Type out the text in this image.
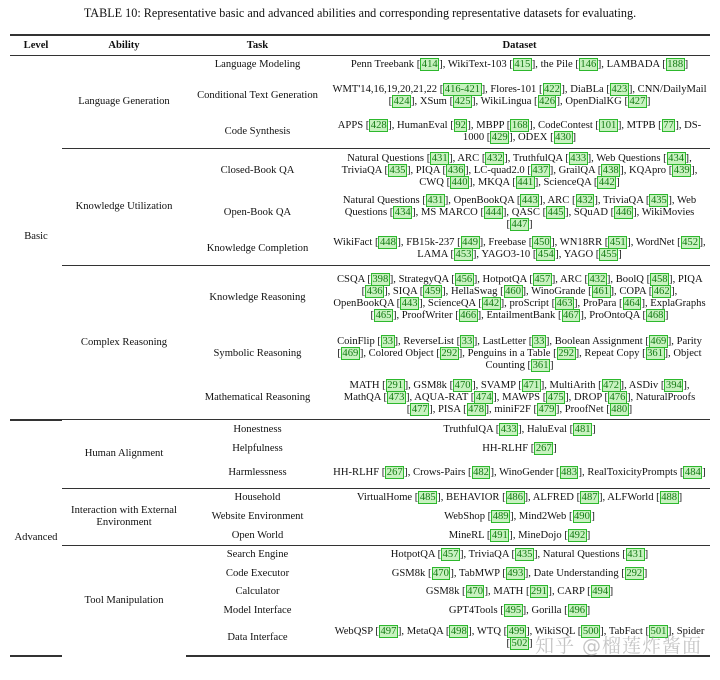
TABLE 10: Representative basic and advanced abilities and corresponding representative datasets for evaluating.
Level	Ability	Task	Dataset
Basic	Language Generation	Language Modeling	Penn Treebank [ 414 ], WikiText-103 [ 415 ], the Pile [ 146 ], LAMBADA [ 188 ]
		Conditional Text Generation	WMT'14,16,19,20,21,22 [ 416-421 ], Flores-101 [ 422 ], DiaBLa [ 423 ], CNN/DailyMail [ 424 ], XSum [ 425 ], WikiLingua [ 426 ], OpenDialKG [ 427 ]
		Code Synthesis	APPS [ 428 ], HumanEval [ 92 ], MBPP [ 168 ], CodeContest [ 101 ], MTPB [ 77 ], DS-1000 [ 429 ], ODEX [ 430 ]
	Knowledge Utilization	Closed-Book QA	Natural Questions [ 431 ], ARC [ 432 ], TruthfulQA [ 433 ], Web Questions [ 434 ], TriviaQA [ 435 ], PIQA [ 436 ], LC-quad2.0 [ 437 ], GrailQA [ 438 ], KQApro [ 439 ], CWQ [ 440 ], MKQA [ 441 ], ScienceQA [ 442 ]
		Open-Book QA	Natural Questions [ 431 ], OpenBookQA [ 443 ], ARC [ 432 ], TriviaQA [ 435 ], Web Questions [ 434 ], MS MARCO [ 444 ], QASC [ 445 ], SQuAD [ 446 ], WikiMovies [ 447 ]
		Knowledge Completion	WikiFact [ 448 ], FB15k-237 [ 449 ], Freebase [ 450 ], WN18RR [ 451 ], WordNet [ 452 ], LAMA [ 453 ], YAGO3-10 [ 454 ], YAGO [ 455 ]
	Complex Reasoning	Knowledge Reasoning	CSQA [ 398 ], StrategyQA [ 456 ], HotpotQA [ 457 ], ARC [ 432 ], BoolQ [ 458 ], PIQA [ 436 ], SIQA [ 459 ], HellaSwag [ 460 ], WinoGrande [ 461 ], COPA [ 462 ], OpenBookQA [ 443 ], ScienceQA [ 442 ], proScript [ 463 ], ProPara [ 464 ], ExplaGraphs [ 465 ], ProofWriter [ 466 ], EntailmentBank [ 467 ], ProOntoQA [ 468 ]
		Symbolic Reasoning	CoinFlip [ 33 ], ReverseList [ 33 ], LastLetter [ 33 ], Boolean Assignment [ 469 ], Parity [ 469 ], Colored Object [ 292 ], Penguins in a Table [ 292 ], Repeat Copy [ 361 ], Object Counting [ 361 ]
		Mathematical Reasoning	MATH [ 291 ], GSM8k [ 470 ], SVAMP [ 471 ], MultiArith [ 472 ], ASDiv [ 394 ], MathQA [ 473 ], AQUA-RAT [ 474 ], MAWPS [ 475 ], DROP [ 476 ], NaturalProofs [ 477 ], PISA [ 478 ], miniF2F [ 479 ], ProofNet [ 480 ]
Advanced	Human Alignment	Honestness	TruthfulQA [ 433 ], HaluEval [ 481 ]
		Helpfulness	HH-RLHF [ 267 ]
		Harmlessness	HH-RLHF [ 267 ], Crows-Pairs [ 482 ], WinoGender [ 483 ], RealToxicityPrompts [ 484 ]
	Interaction with External Environment	Household	VirtualHome [ 485 ], BEHAVIOR [ 486 ], ALFRED [ 487 ], ALFWorld [ 488 ]
		Website Environment	WebShop [ 489 ], Mind2Web [ 490 ]
		Open World	MineRL [ 491 ], MineDojo [ 492 ]
	Tool Manipulation	Search Engine	HotpotQA [ 457 ], TriviaQA [ 435 ], Natural Questions [ 431 ]
		Code Executor	GSM8k [ 470 ], TabMWP [ 493 ], Date Understanding [ 292 ]
		Calculator	GSM8k [ 470 ], MATH [ 291 ], CARP [ 494 ]
		Model Interface	GPT4Tools [ 495 ], Gorilla [ 496 ]
		Data Interface	WebQSP [ 497 ], MetaQA [ 498 ], WTQ [ 499 ], WikiSQL [ 500 ], TabFact [ 501 ], Spider [ 502 ] 知乎 @榴莲炸酱面
